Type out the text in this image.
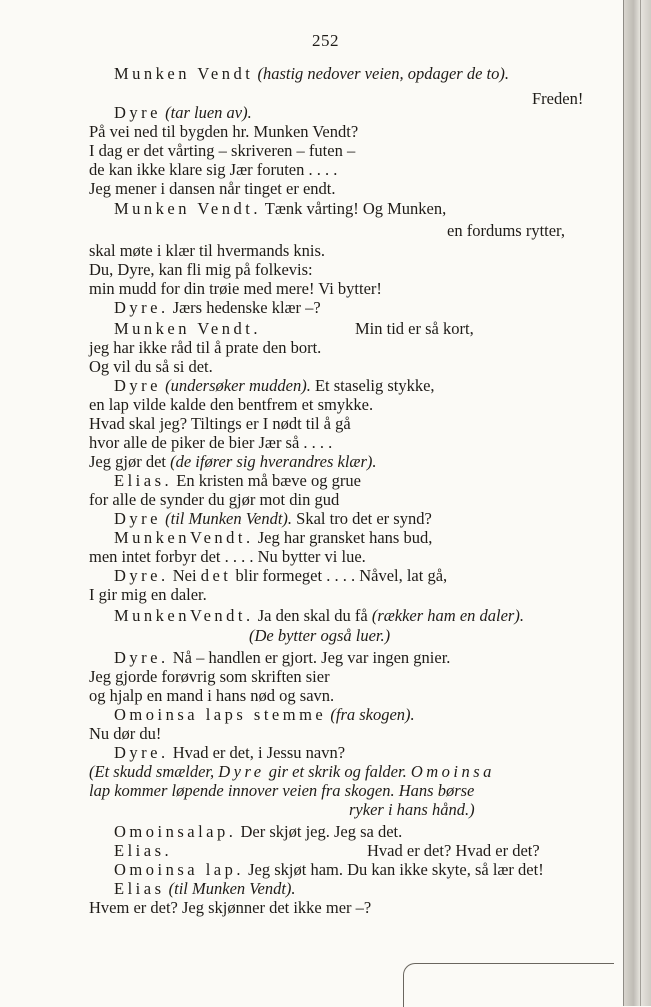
252
Munken Vendt (hastig nedover veien, opdager de to).
Freden!
Dyre (tar luen av).
På vei ned til bygden hr. Munken Vendt?
I dag er det vårting – skriveren – futen –
de kan ikke klare sig Jær foruten . . . .
Jeg mener i dansen når tinget er endt.
Munken Vendt. Tænk vårting! Og Munken,
en fordums rytter,
skal møte i klær til hvermands knis.
Du, Dyre, kan fli mig på folkevis:
min mudd for din trøie med mere! Vi bytter!
Dyre. Jærs hedenske klær –?
Munken Vendt.	Min tid er så kort,
jeg har ikke råd til å prate den bort.
Og vil du så si det.
Dyre (undersøker mudden). Et staselig stykke,
en lap vilde kalde den bentfrem et smykke.
Hvad skal jeg? Tiltings er I nødt til å gå
hvor alle de piker de bier Jær så . . . .
Jeg gjør det (de ifører sig hverandres klær).
Elias. En kristen må bæve og grue
for alle de synder du gjør mot din gud
Dyre (til Munken Vendt). Skal tro det er synd?
MunkenVendt. Jeg har gransket hans bud,
men intet forbyr det . . . . Nu bytter vi lue.
Dyre. Nei det blir formeget . . . . Nåvel, lat gå,
I gir mig en daler.
MunkenVendt. Ja den skal du få (rækker ham en daler).
(De bytter også luer.)
Dyre. Nå – handlen er gjort. Jeg var ingen gnier.
Jeg gjorde forøvrig som skriften sier
og hjalp en mand i hans nød og savn.
Omoinsa laps stemme (fra skogen).
Nu dør du!
Dyre. Hvad er det, i Jessu navn?
(Et skudd smælder, Dyre gir et skrik og falder. Omoinsa
lap kommer løpende innover veien fra skogen. Hans børse
ryker i hans hånd.)
Omoinsalap. Der skjøt jeg. Jeg sa det.
Elias.	Hvad er det? Hvad er det?
Omoinsa lap. Jeg skjøt ham. Du kan ikke skyte, så lær det!
Elias (til Munken Vendt).
Hvem er det? Jeg skjønner det ikke mer –?
